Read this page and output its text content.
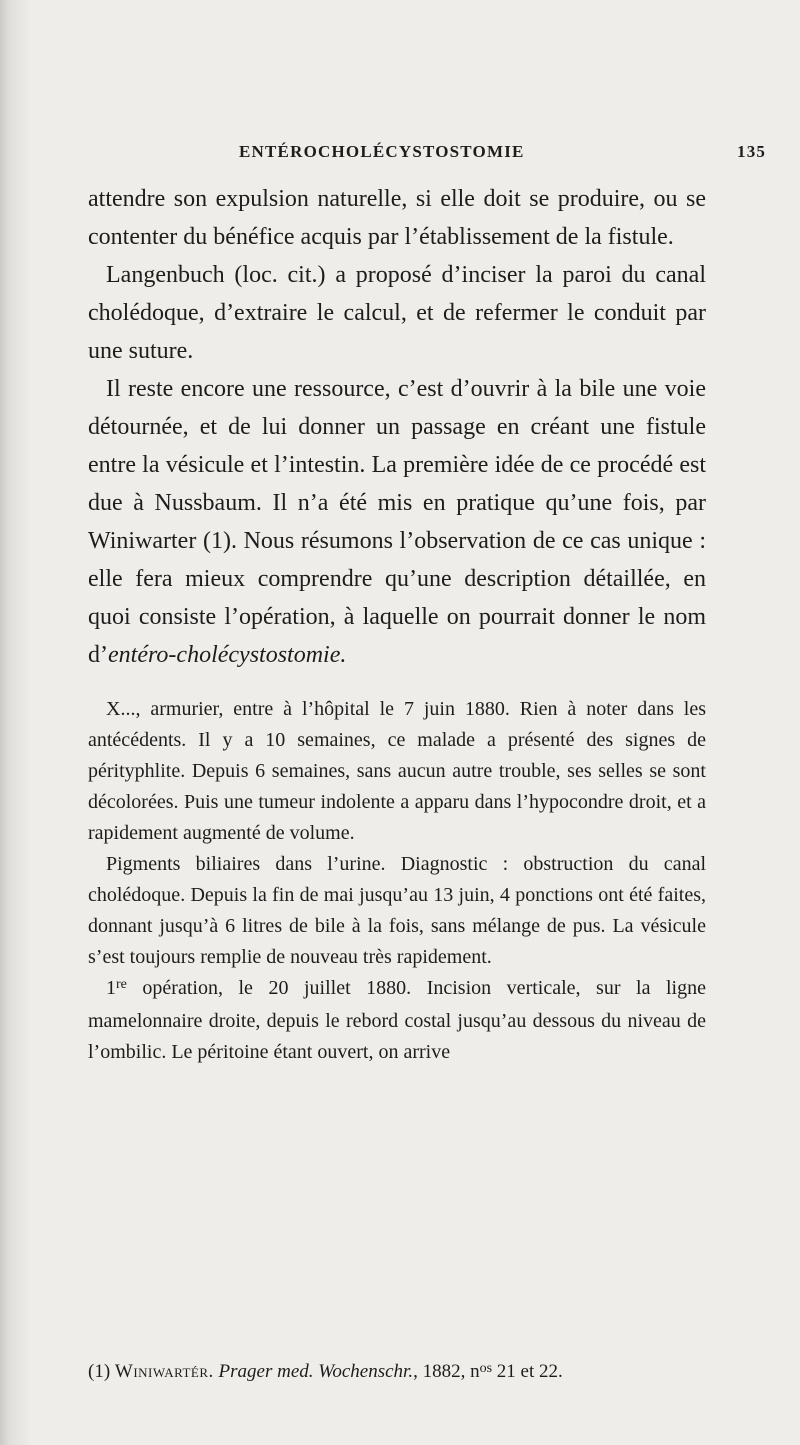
ENTÉROCHOLÉCYSTOSTOMIE	135

attendre son expulsion naturelle, si elle doit se produire, ou se contenter du bénéfice acquis par l’établissement de la fistule.

Langenbuch (loc. cit.) a proposé d’inciser la paroi du canal cholédoque, d’extraire le calcul, et de refermer le conduit par une suture.

Il reste encore une ressource, c’est d’ouvrir à la bile une voie détournée, et de lui donner un passage en créant une fistule entre la vésicule et l’intestin. La première idée de ce procédé est due à Nussbaum. Il n’a été mis en pratique qu’une fois, par Winiwarter (1). Nous résumons l’observation de ce cas unique : elle fera mieux comprendre qu’une description détaillée, en quoi consiste l’opération, à laquelle on pourrait donner le nom d’entéro-cholécystostomie.

X..., armurier, entre à l’hôpital le 7 juin 1880. Rien à noter dans les antécédents. Il y a 10 semaines, ce malade a présenté des signes de pérityphlite. Depuis 6 semaines, sans aucun autre trouble, ses selles se sont décolorées. Puis une tumeur indolente a apparu dans l’hypocondre droit, et a rapidement augmenté de volume.

Pigments biliaires dans l’urine. Diagnostic : obstruction du canal cholédoque. Depuis la fin de mai jusqu’au 13 juin, 4 ponctions ont été faites, donnant jusqu’à 6 litres de bile à la fois, sans mélange de pus. La vésicule s’est toujours remplie de nouveau très rapidement.

1re opération, le 20 juillet 1880. Incision verticale, sur la ligne mamelonnaire droite, depuis le rebord costal jusqu’au dessous du niveau de l’ombilic. Le péritoine étant ouvert, on arrive

(1) Winiwartér. Prager med. Wochenschr., 1882, $n^{os}$ 21 et 22.
